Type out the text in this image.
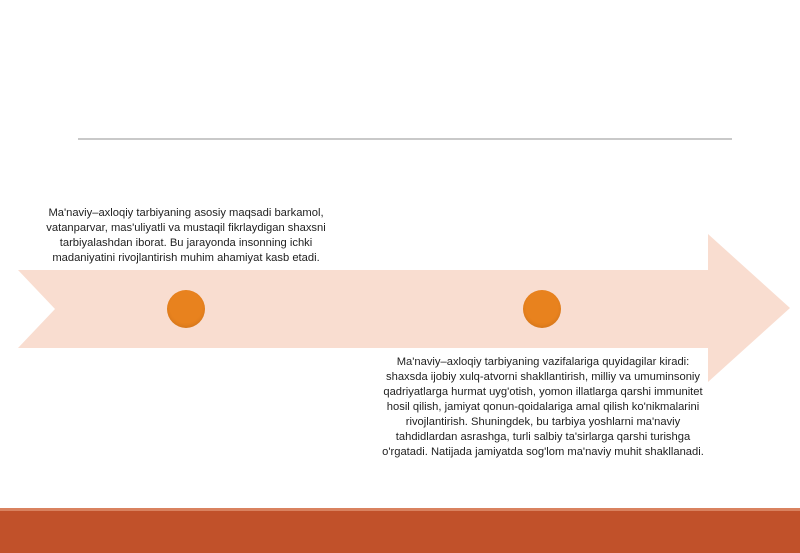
Ma'naviy–axloqiy tarbiyaning asosiy maqsadi barkamol, vatanparvar, mas'uliyatli va mustaqil fikrlaydigan shaxsni tarbiyalashdan iborat. Bu jarayonda insonning ichki madaniyatini rivojlantirish muhim ahamiyat kasb etadi.
Ma'naviy–axloqiy tarbiyaning vazifalariga quyidagilar kiradi: shaxsda ijobiy xulq-atvorni shakllantirish, milliy va umuminsoniy qadriyatlarga hurmat uyg'otish, yomon illatlarga qarshi immunitet hosil qilish, jamiyat qonun-qoidalariga amal qilish ko'nikmalarini rivojlantirish. Shuningdek, bu tarbiya yoshlarni ma'naviy tahdidlardan asrashga, turli salbiy ta'sirlarga qarshi turishga o'rgatadi. Natijada jamiyatda sog'lom ma'naviy muhit shakllanadi.
